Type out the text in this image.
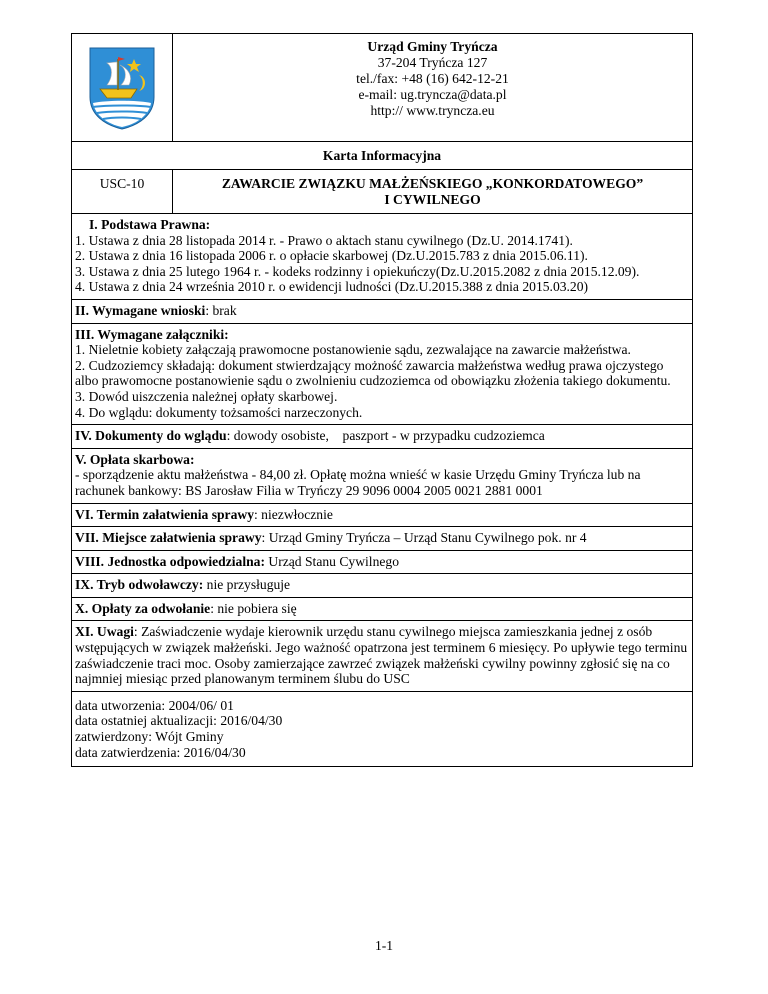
Urząd Gminy Tryńcza
37-204 Tryńcza 127
tel./fax: +48 (16) 642-12-21
e-mail: ug.tryncza@data.pl
http:// www.tryncza.eu

Karta Informacyjna	
USC-10	ZAWARCIE ZWIĄZKU MAŁŻEŃSKIEGO „KONKORDATOWEGO”
I CYWILNEGO

I. Podstawa Prawna:
1. Ustawa z dnia 28 listopada 2014 r. - Prawo o aktach stanu cywilnego (Dz.U. 2014.1741).
2. Ustawa z dnia 16 listopada 2006 r. o opłacie skarbowej (Dz.U.2015.783 z dnia 2015.06.11).
3. Ustawa z dnia 25 lutego 1964 r. - kodeks rodzinny i opiekuńczy(Dz.U.2015.2082 z dnia 2015.12.09).
4. Ustawa z dnia 24 września 2010 r. o ewidencji ludności (Dz.U.2015.388 z dnia 2015.03.20)	

II. Wymagane wnioski: brak	

III. Wymagane załączniki:
1. Nieletnie kobiety załączają prawomocne postanowienie sądu, zezwalające na zawarcie małżeństwa.
2. Cudzoziemcy składają: dokument stwierdzający możność zawarcia małżeństwa według prawa ojczystego albo prawomocne postanowienie sądu o zwolnieniu cudzoziemca od obowiązku złożenia takiego dokumentu.
3. Dowód uiszczenia należnej opłaty skarbowej.
4. Do wglądu: dokumenty tożsamości narzeczonych.	

IV. Dokumenty do wglądu: dowody osobiste,    paszport - w przypadku cudzoziemca	

V. Opłata skarbowa:
- sporządzenie aktu małżeństwa - 84,00 zł. Opłatę można wnieść w kasie Urzędu Gminy Tryńcza lub na rachunek bankowy: BS Jarosław Filia w Tryńczy 29 9096 0004 2005 0021 2881 0001	

VI. Termin załatwienia sprawy: niezwłocznie	
VII. Miejsce załatwienia sprawy: Urząd Gminy Tryńcza – Urząd Stanu Cywilnego pok. nr 4	
VIII. Jednostka odpowiedzialna: Urząd Stanu Cywilnego	
IX. Tryb odwoławczy: nie przysługuje	
X. Opłaty za odwołanie: nie pobiera się	
XI. Uwagi: Zaświadczenie wydaje kierownik urzędu stanu cywilnego miejsca zamieszkania jednej z osób wstępujących w związek małżeński. Jego ważność opatrzona jest terminem 6 miesięcy. Po upływie tego terminu zaświadczenie traci moc. Osoby zamierzające zawrzeć związek małżeński cywilny powinny zgłosić się na co najmniej miesiąc przed planowanym terminem ślubu do USC	

data utworzenia: 2004/06/ 01
data ostatniej aktualizacji: 2016/04/30
zatwierdzony: Wójt Gminy
data zatwierdzenia: 2016/04/30	
1-1
